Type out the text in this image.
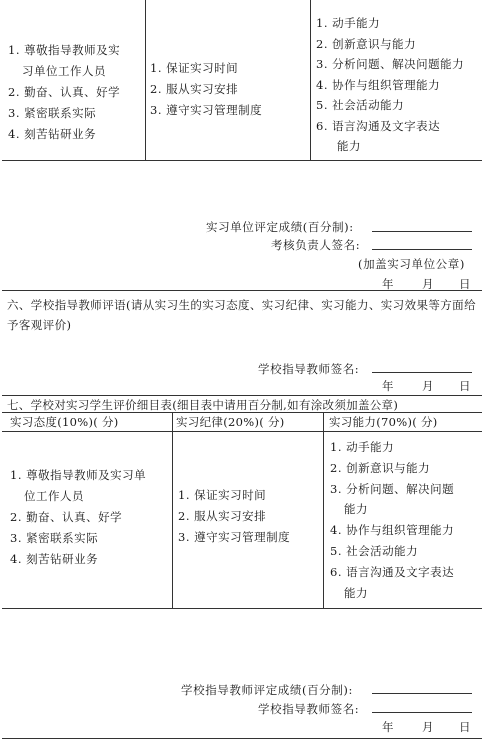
1. 尊敬指导教师及实
习单位工作人员
2. 勤奋、认真、好学
3. 紧密联系实际
4. 刻苦钻研业务
1. 保证实习时间
2. 服从实习安排
3. 遵守实习管理制度
1. 动手能力
2. 创新意识与能力
3. 分析问题、解决问题能力
4. 协作与组织管理能力
5. 社会活动能力
6. 语言沟通及文字表达
能力
实习单位评定成绩(百分制):
考核负责人签名:
(加盖实习单位公章)
年 月 日
六、学校指导教师评语(请从实习生的实习态度、实习纪律、实习能力、实习效果等方面给予客观评价)
学校指导教师签名:
年 月 日
七、学校对实习学生评价细目表(细目表中请用百分制,如有涂改须加盖公章)
实习态度(10%)( 分)	实习纪律(20%)( 分)	实习能力(70%)( 分)
1. 尊敬指导教师及实习单
位工作人员
2. 勤奋、认真、好学
3. 紧密联系实际
4. 刻苦钻研业务
1. 保证实习时间
2. 服从实习安排
3. 遵守实习管理制度
1. 动手能力
2. 创新意识与能力
3. 分析问题、解决问题
能力
4. 协作与组织管理能力
5. 社会活动能力
6. 语言沟通及文字表达
能力
学校指导教师评定成绩(百分制):
学校指导教师签名:
年 月 日
